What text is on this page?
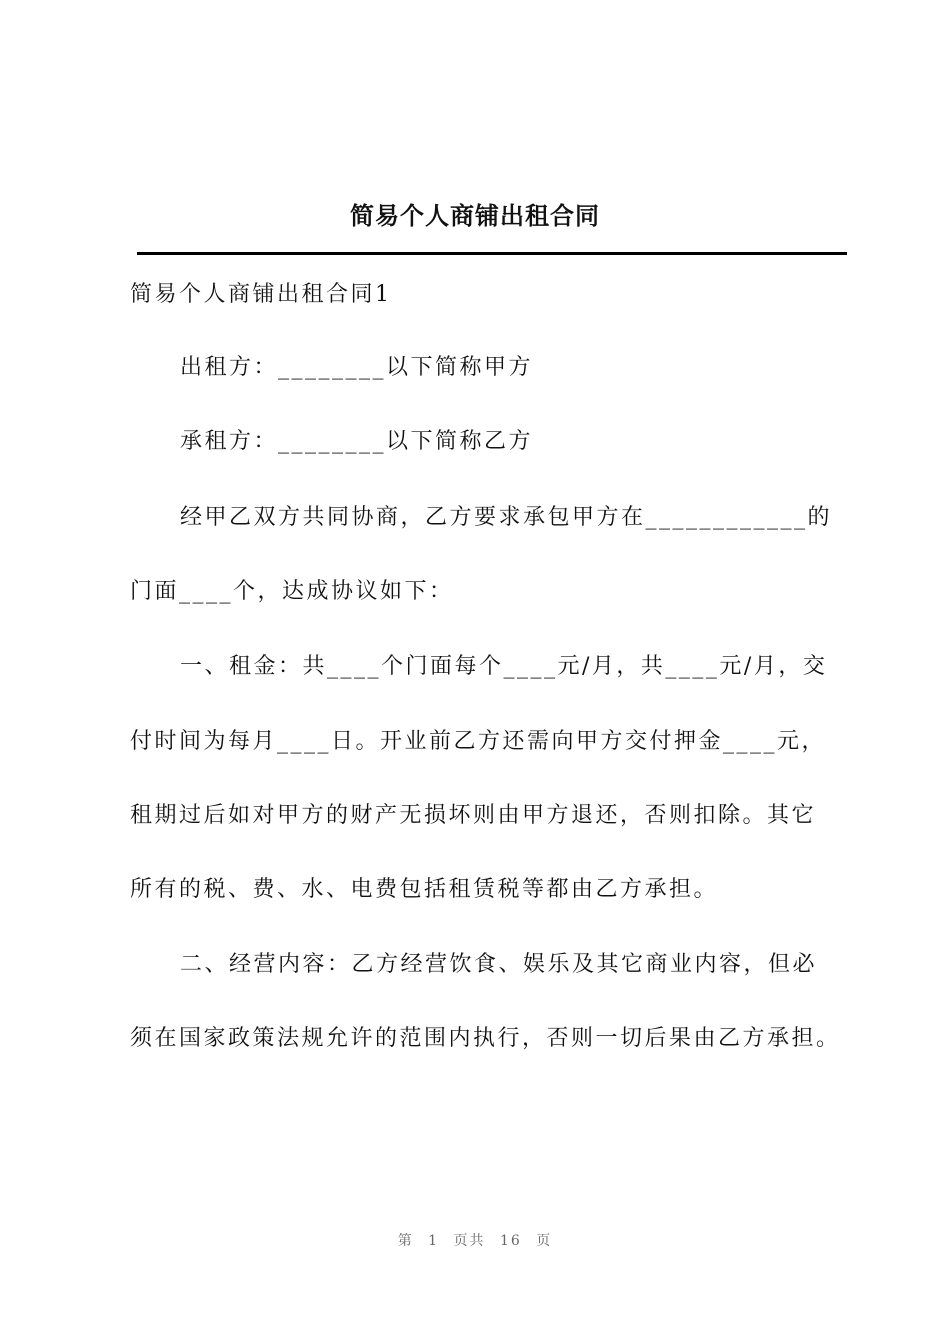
简易个人商铺出租合同
简易个人商铺出租合同1
出租方：________以下简称甲方
承租方：________以下简称乙方
经甲乙双方共同协商，乙方要求承包甲方在____________的
门面____个，达成协议如下：
一、租金：共____个门面每个____元/月，共____元/月，交
付时间为每月____日。开业前乙方还需向甲方交付押金____元，
租期过后如对甲方的财产无损坏则由甲方退还，否则扣除。其它
所有的税、费、水、电费包括租赁税等都由乙方承担。
二、经营内容：乙方经营饮食、娱乐及其它商业内容，但必
须在国家政策法规允许的范围内执行，否则一切后果由乙方承担。
第 1 页共 16 页
